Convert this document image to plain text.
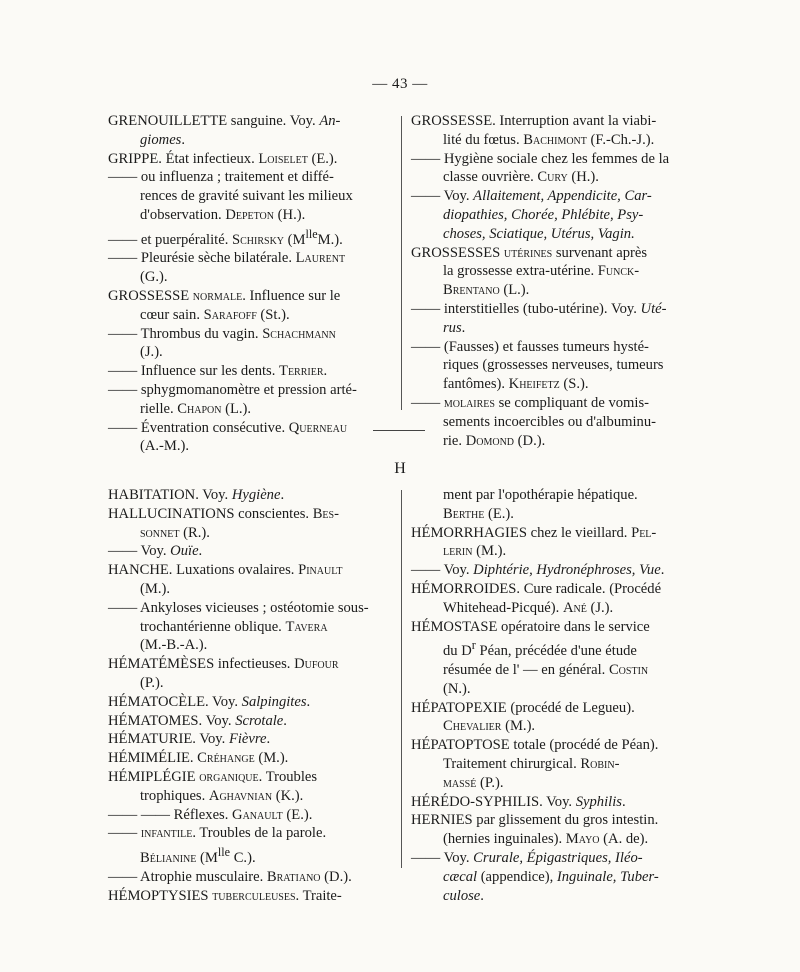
— 43 —
GRENOUILLETTE sanguine. Voy. An-
giomes.
GRIPPE. État infectieux. Loiselet (E.).
—— ou influenza ; traitement et diffé-
rences de gravité suivant les milieux
d'observation. Depeton (H.).
—— et puerpéralité. Schirsky $(M^{lle}M.)$.
—— Pleurésie sèche bilatérale. Laurent
(G.).
GROSSESSE normale. Influence sur le
cœur sain. Sarafoff (St.).
—— Thrombus du vagin. Schachmann
(J.).
—— Influence sur les dents. Terrier.
—— sphygmomanomètre et pression arté-
rielle. Chapon (L.).
—— Éventration consécutive. Querneau
(A.-M.).
GROSSESSE. Interruption avant la viabi-
lité du fœtus. Bachimont (F.-Ch.-J.).
—— Hygiène sociale chez les femmes de la
classe ouvrière. Cury (H.).
—— Voy. Allaitement, Appendicite, Car-
diopathies, Chorée, Phlébite, Psy-
choses, Sciatique, Utérus, Vagin.
GROSSESSES utérines survenant après
la grossesse extra-utérine. Funck-
Brentano (L.).
—— interstitielles (tubo-utérine). Voy. Uté-
rus.
—— (Fausses) et fausses tumeurs hysté-
riques (grossesses nerveuses, tumeurs
fantômes). Kheifetz (S.).
—— molaires se compliquant de vomis-
sements incoercibles ou d'albuminu-
rie. Domond (D.).
H
HABITATION. Voy. Hygiène.
HALLUCINATIONS conscientes. Bes-
sonnet (R.).
—— Voy. Ouïe.
HANCHE. Luxations ovalaires. Pinault
(M.).
—— Ankyloses vicieuses ; ostéotomie sous-
trochantérienne oblique. Tavera
(M.-B.-A.).
HÉMATÉMÈSES infectieuses. Dufour
(P.).
HÉMATOCÈLE. Voy. Salpingites.
HÉMATOMES. Voy. Scrotale.
HÉMATURIE. Voy. Fièvre.
HÉMIMÉLIE. Créhange (M.).
HÉMIPLÉGIE organique. Troubles
trophiques. Aghavnian (K.).
—— —— Réflexes. Ganault (E.).
—— infantile. Troubles de la parole.
Bélianine ($M^{lle}$ C.).
—— Atrophie musculaire. Bratiano (D.).
HÉMOPTYSIES tuberculeuses. Traite-
ment par l'opothérapie hépatique.
Berthe (E.).
HÉMORRHAGIES chez le vieillard. Pel-
lerin (M.).
—— Voy. Diphtérie, Hydronéphroses, Vue.
HÉMORROIDES. Cure radicale. (Procédé
Whitehead-Picqué). Ané (J.).
HÉMOSTASE opératoire dans le service
du $D^r$ Péan, précédée d'une étude
résumée de l' — en général. Costin
(N.).
HÉPATOPEXIE (procédé de Legueu).
Chevalier (M.).
HÉPATOPTOSE totale (procédé de Péan).
Traitement chirurgical. Robin-
massé (P.).
HÉRÉDO-SYPHILIS. Voy. Syphilis.
HERNIES par glissement du gros intestin.
(hernies inguinales). Mayo (A. de).
—— Voy. Crurale, Épigastriques, Iléo-
cæcal (appendice), Inguinale, Tuber-
culose.
